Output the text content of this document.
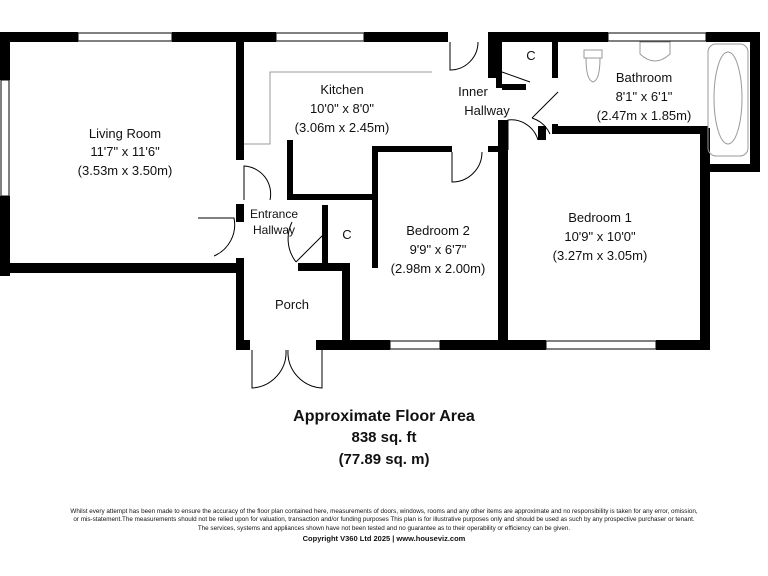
Living Room
11'7" x 11'6"
(3.53m x 3.50m)
Kitchen
10'0" x 8'0"
(3.06m x 2.45m)
Inner
Hallway
Bathroom
8'1" x 6'1"
(2.47m x 1.85m)
C
Entrance
Hallway	C	Bedroom 2
9'9" x 6'7"
(2.98m x 2.00m)
Bedroom 1
10'9" x 10'0"
(3.27m x 3.05m)
Porch
Approximate Floor Area
838 sq. ft
(77.89 sq. m)
Whilst every attempt has been made to ensure the accuracy of the floor plan contained here, measurements of doors, windows, rooms and any other items are approximate and no responsibility is taken for any error, omission,
or mis-statement.The measurements should not be relied upon for valuation, transaction and/or funding purposes This plan is for illustrative purposes only and should be used as such by any prospective purchaser or tenant.
The services, systems and appliances shown have not been tested and no guarantee as to their operability or efficiency can be given.
Copyright V360 Ltd 2025 | www.houseviz.com
